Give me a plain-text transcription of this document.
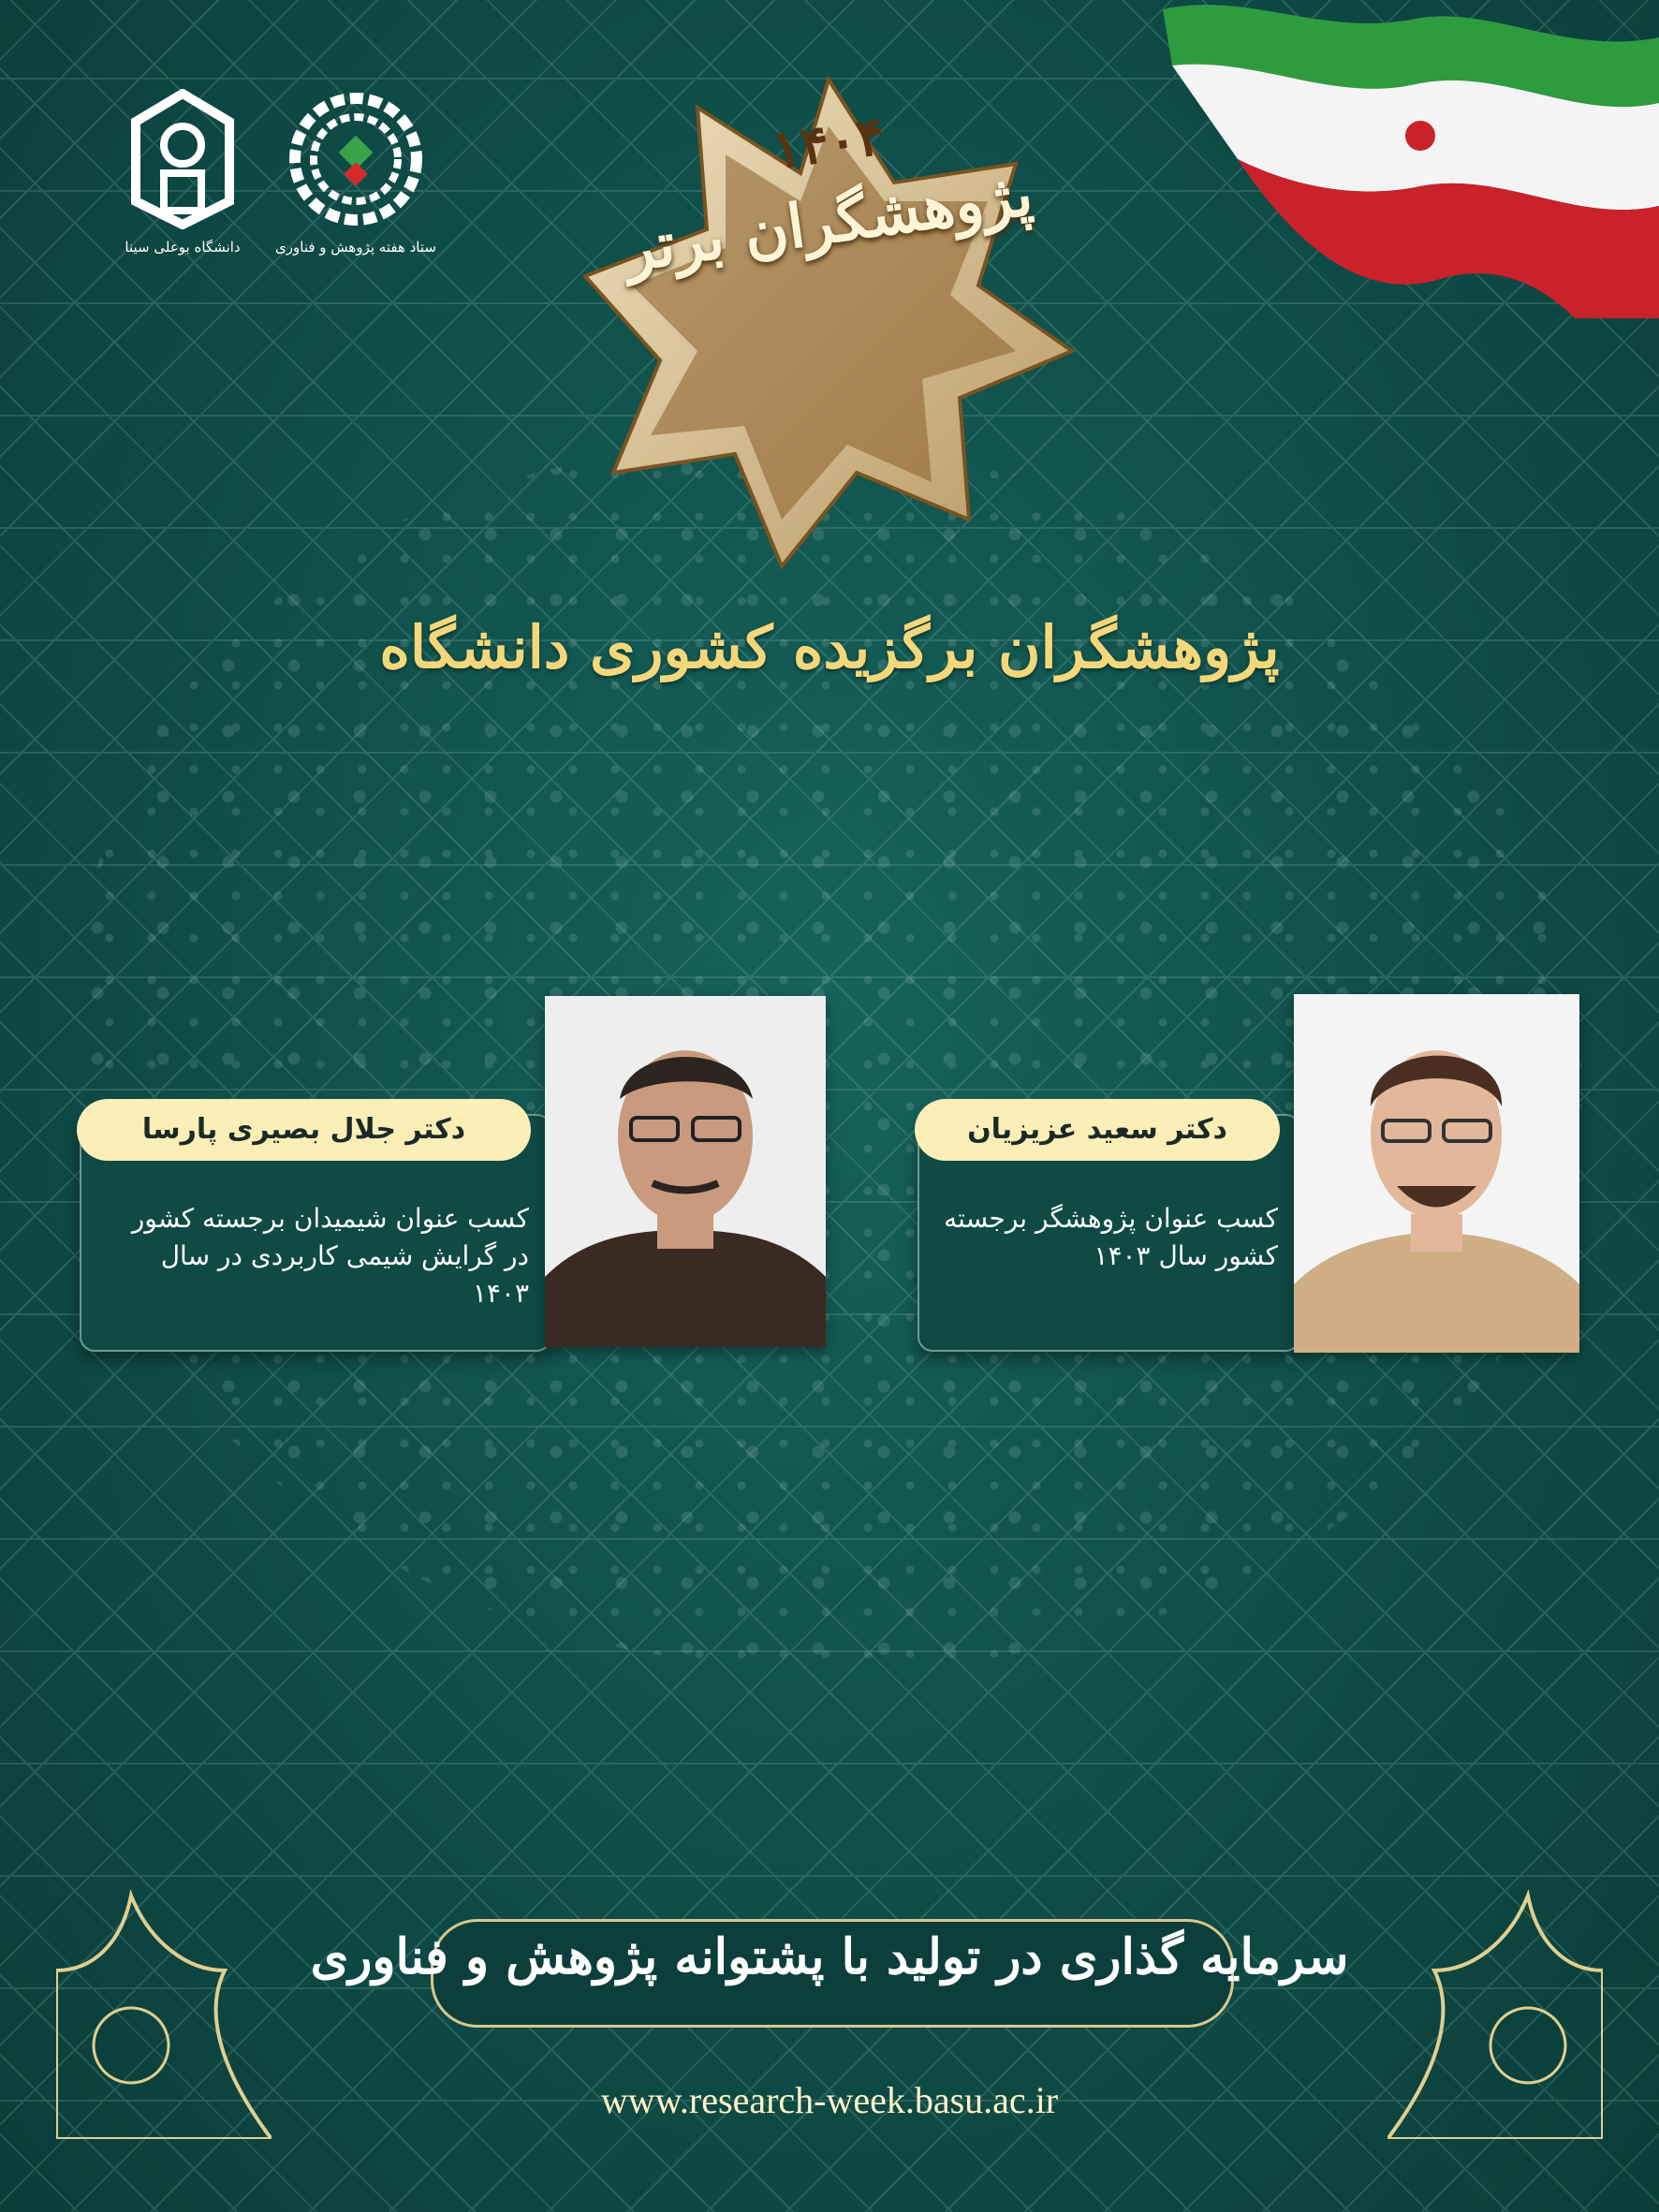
دانشگاه بوعلی سینا	ستاد هفته پژوهش و فناوری
۱۴۰۴
پژوهشگران برتر
پژوهشگران برگزیده کشوری دانشگاه
دکتر جلال بصیری پارسا
کسب عنوان شیمیدان برجسته کشور در گرایش شیمی کاربردی در سال ۱۴۰۳
دکتر سعید عزیزیان
کسب عنوان پژوهشگر برجسته کشور سال ۱۴۰۳
سرمایه گذاری در تولید با پشتوانه پژوهش و فناوری
www.research-week.basu.ac.ir
